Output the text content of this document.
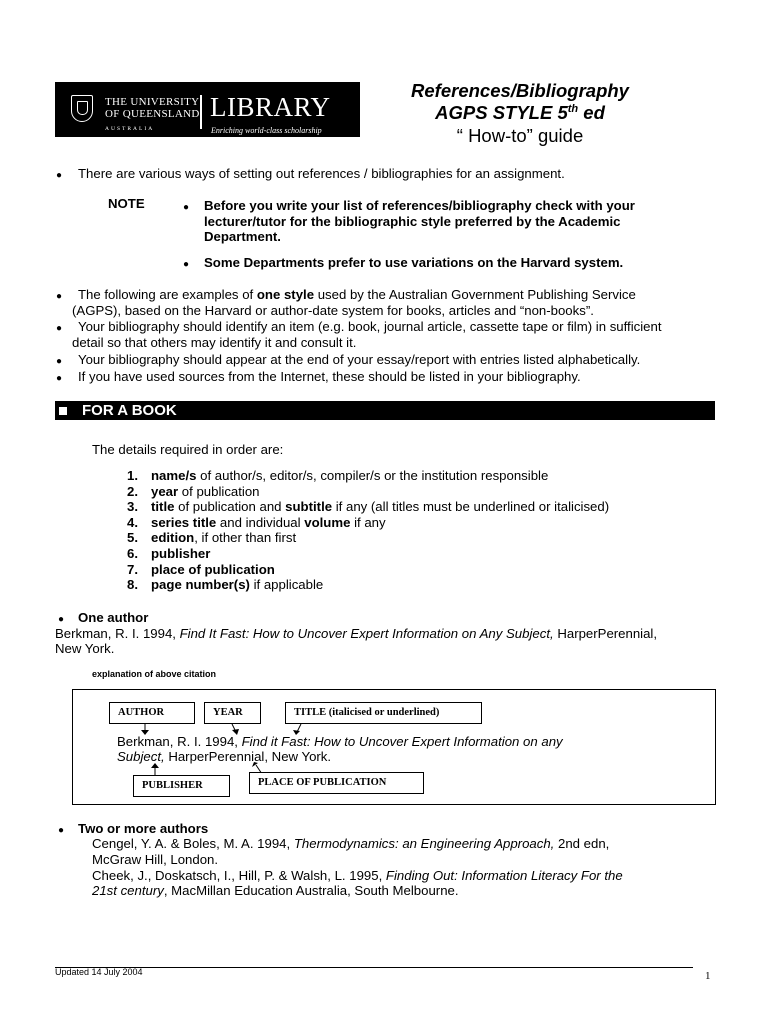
THE UNIVERSITY
OF QUEENSLAND
AUSTRALIA
LIBRARY
Enriching world-class scholarship
References/Bibliography
AGPS STYLE 5th ed
“ How-to” guide
● There are various ways of setting out references / bibliographies for an assignment.
NOTE	● Before you write your list of references/bibliography check with your
lecturer/tutor for the bibliographic style preferred by the Academic
Department.
● Some Departments prefer to use variations on the Harvard system.
● The following are examples of one style used by the Australian Government Publishing Service
(AGPS), based on the Harvard or author-date system for books, articles and “non-books”.
● Your bibliography should identify an item (e.g. book, journal article, cassette tape or film) in sufficient
detail so that others may identify it and consult it.
● Your bibliography should appear at the end of your essay/report with entries listed alphabetically.
● If you have used sources from the Internet, these should be listed in your bibliography.
FOR A BOOK
The details required in order are:
1. name/s of author/s, editor/s, compiler/s or the institution responsible
2. year of publication
3. title of publication and subtitle if any (all titles must be underlined or italicised)
4. series title and individual volume if any
5. edition, if other than first
6. publisher
7. place of publication
8. page number(s) if applicable
● One author
Berkman, R. I. 1994, Find It Fast: How to Uncover Expert Information on Any Subject, HarperPerennial,
New York.
explanation of above citation
AUTHOR	YEAR	TITLE (italicised or underlined)
Berkman, R. I. 1994, Find it Fast: How to Uncover Expert Information on any
Subject, HarperPerennial, New York.
PUBLISHER	PLACE OF PUBLICATION
● Two or more authors
Cengel, Y. A. & Boles, M. A. 1994, Thermodynamics: an Engineering Approach, 2nd edn,
McGraw Hill, London.
Cheek, J., Doskatsch, I., Hill, P. & Walsh, L. 1995, Finding Out: Information Literacy For the
21st century, MacMillan Education Australia, South Melbourne.
Updated 14 July 2004	1
